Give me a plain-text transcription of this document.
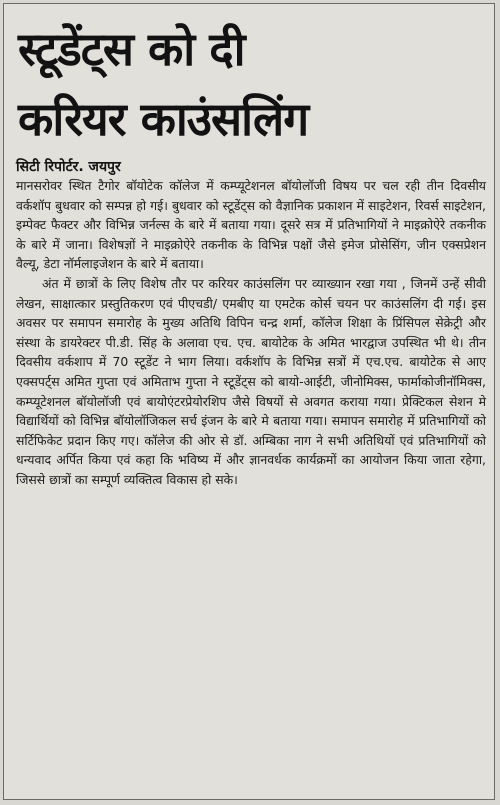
स्टूडेंट्स को दी
करियर काउंसलिंग
सिटी रिपोर्टर. जयपुर

मानसरोवर स्थित टैगोर बॉयोटेक कॉलेज में कम्प्यूटेशनल बॉयोलॉजी विषय पर चल रही तीन दिवसीय वर्कशॉप बुधवार को सम्पन्न हो गई। बुधवार को स्टूडेंट्स को वैज्ञानिक प्रकाशन में साइटेशन, रिवर्स साइटेशन, इम्पेक्ट फैक्टर और विभिन्न जर्नल्स के बारे में बताया गया। दूसरे सत्र में प्रतिभागियों ने माइक्रोऐरे तकनीक के बारे में जाना। विशेषज्ञों ने माइक्रोऐरे तकनीक के विभिन्न पक्षों जैसे इमेज प्रोसेसिंग, जीन एक्सप्रेशन वैल्यू, डेटा नॉर्मलाइजेशन के बारे में बताया।

अंत में छात्रों के लिए विशेष तौर पर करियर काउंसलिंग पर व्याख्यान रखा गया , जिनमें उन्हें सीवी लेखन, साक्षात्कार प्रस्तुतिकरण एवं पीएचडी/ एमबीए या एमटेक कोर्स चयन पर काउंसलिंग दी गई। इस अवसर पर समापन समारोह के मुख्य अतिथि विपिन चन्द्र शर्मा, कॉलेज शिक्षा के प्रिंसिपल सेक्रेट्री और संस्था के डायरेक्टर पी.डी. सिंह के अलावा एच. एच. बायोटेक के अमित भारद्वाज उपस्थित भी थे। तीन दिवसीय वर्कशाप में 70 स्टूडेंट ने भाग लिया। वर्कशॉप के विभिन्न सत्रों में एच.एच. बायोटेक से आए एक्सपर्ट्स अमित गुप्ता एवं अमिताभ गुप्ता ने स्टूडेंट्स को बायो-आईटी, जीनोमिक्स, फार्माकोजीनॉमिक्स, कम्प्यूटेशनल बॉयोलॉजी एवं बायोएंटरप्रेयोरशिप जैसे विषयों से अवगत कराया गया। प्रेक्टिकल सेशन मे विद्यार्थियों को विभिन्न बॉयोलॉजिकल सर्च इंजन के बारे मे बताया गया। समापन समारोह में प्रतिभागियों को सर्टिफिकेट प्रदान किए गए। कॉलेज की ओर से डॉ. अम्बिका नाग ने सभी अतिथियों एवं प्रतिभागियों को धन्यवाद अर्पित किया एवं कहा कि भविष्य में और ज्ञानवर्धक कार्यक्रमों का आयोजन किया जाता रहेगा, जिससे छात्रों का सम्पूर्ण व्यक्तित्व विकास हो सके।
